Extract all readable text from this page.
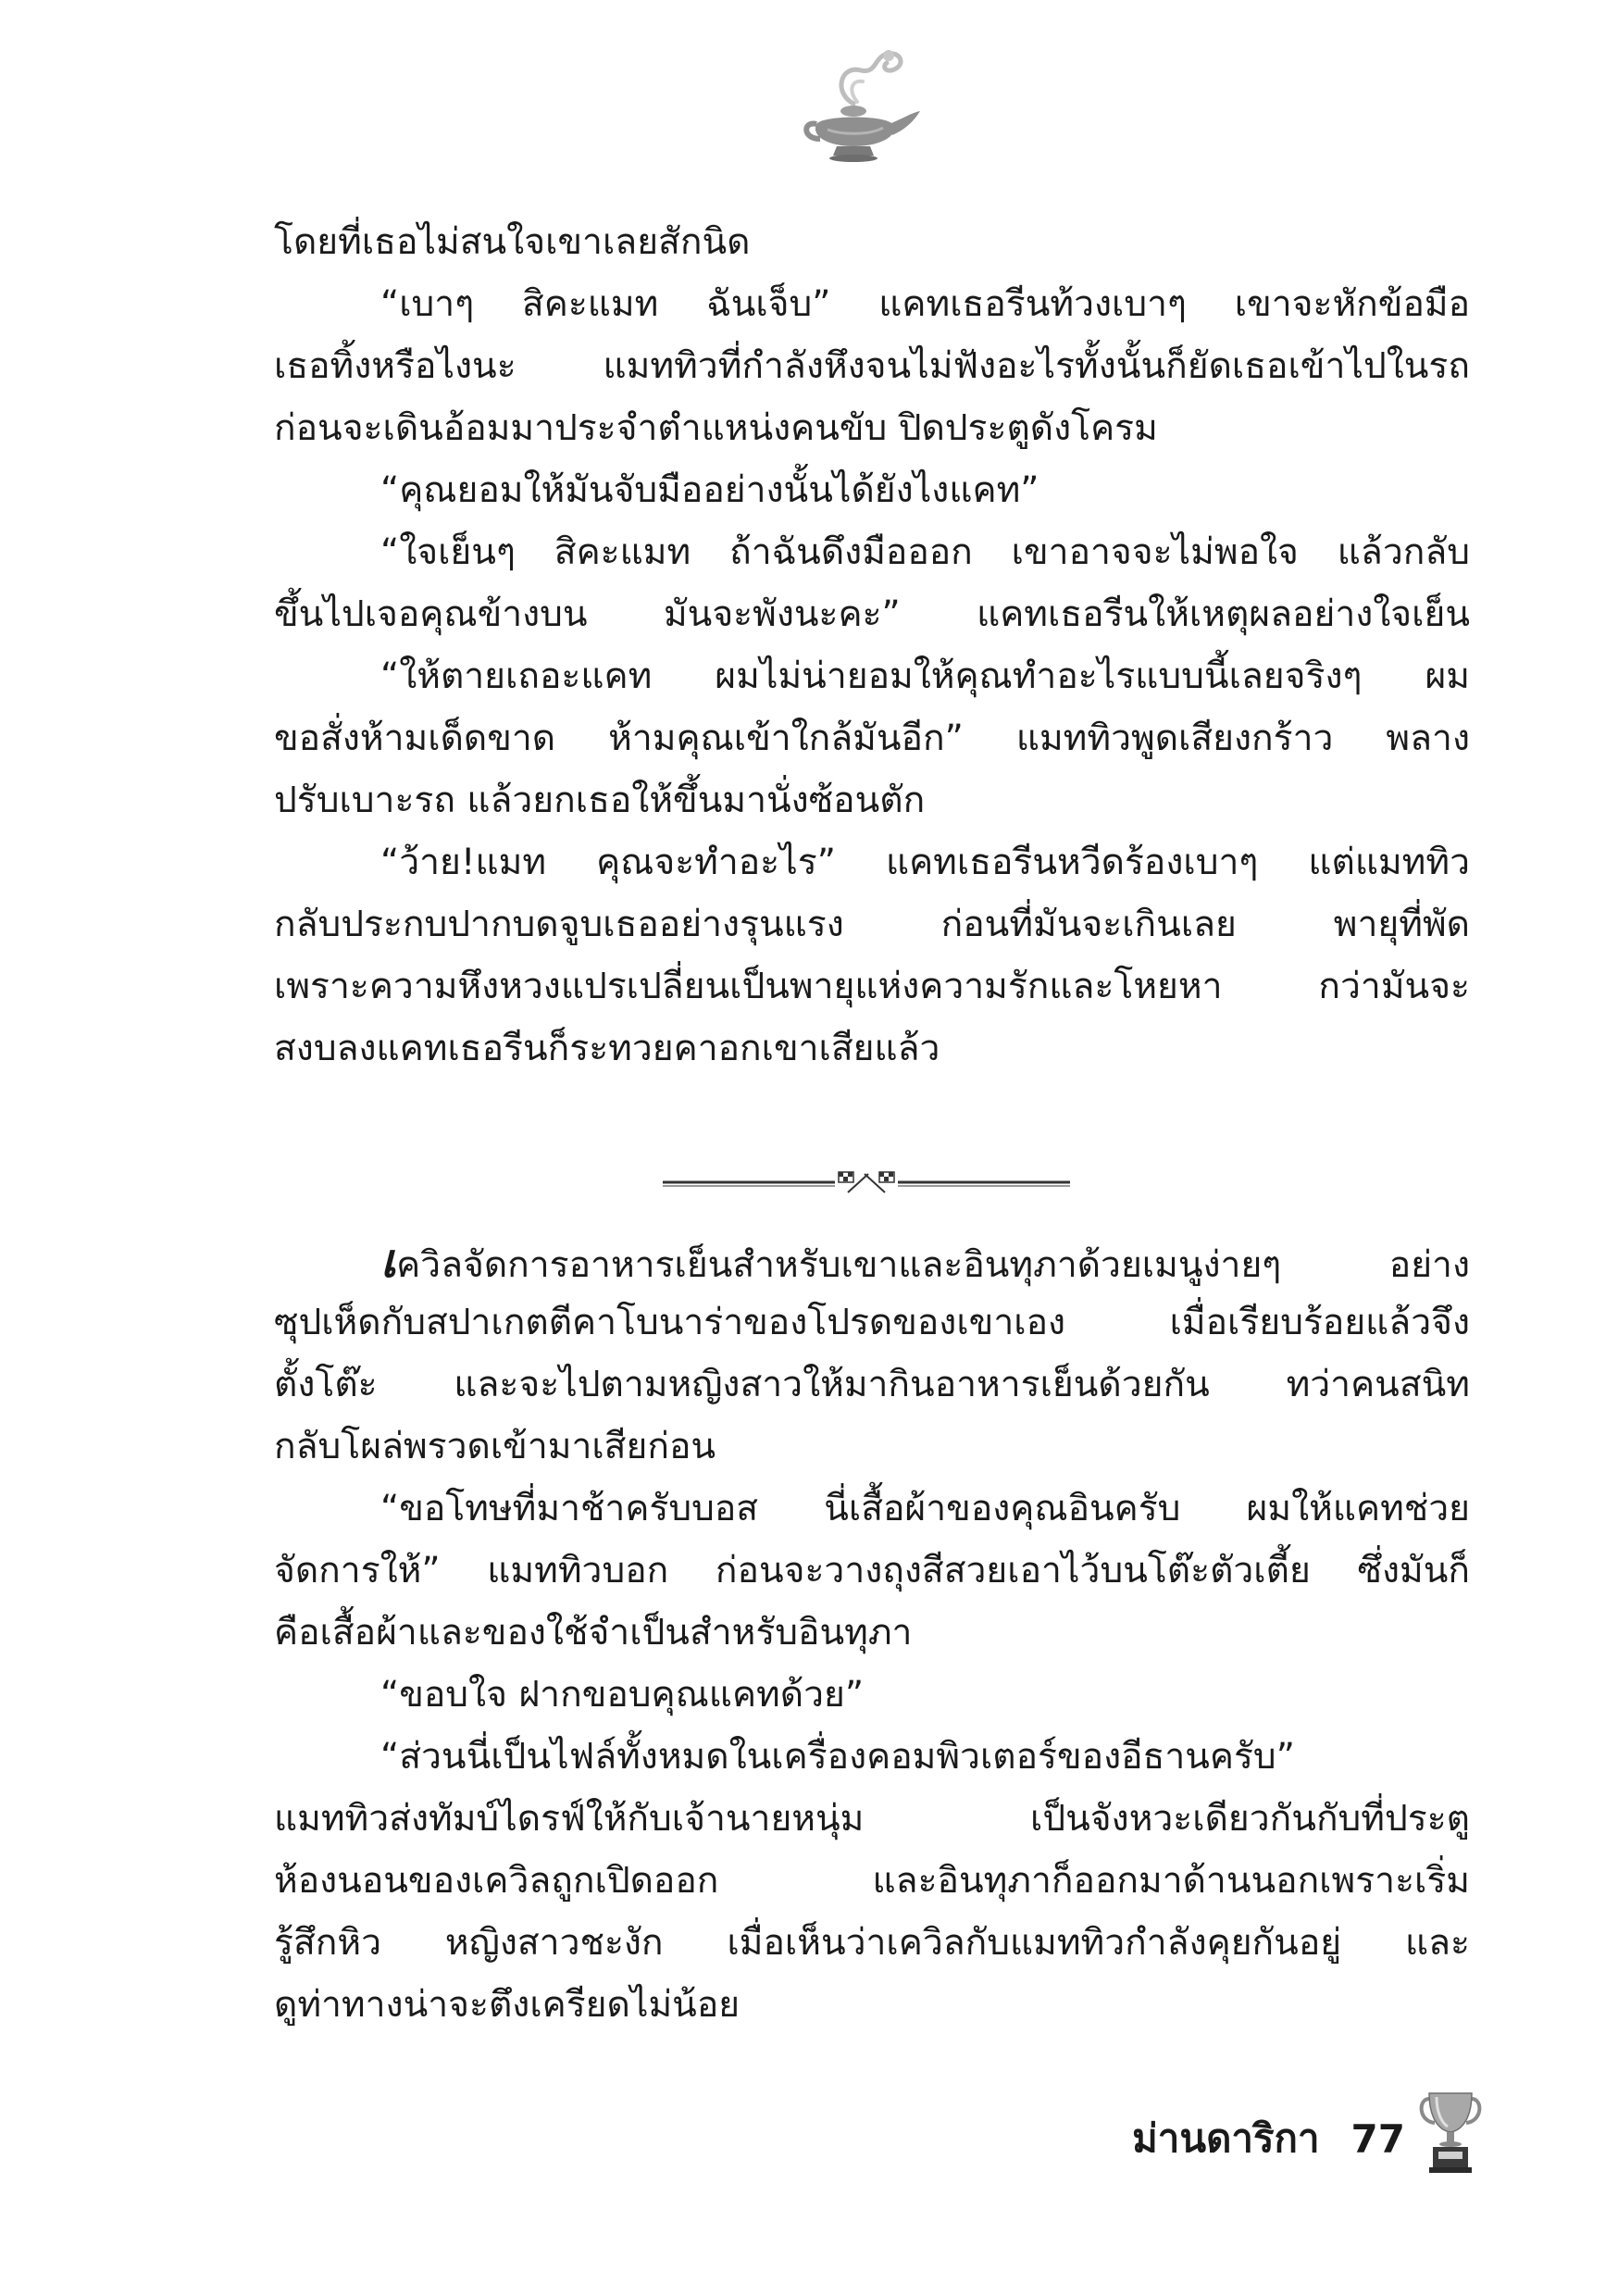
โดยที่เธอไม่สนใจเขาเลยสักนิด
“เบาๆ สิคะแมท ฉันเจ็บ” แคทเธอรีนท้วงเบาๆ เขาจะหักข้อมือ
เธอทิ้งหรือไงนะ แมททิวที่กำลังหึงจนไม่ฟังอะไรทั้งนั้นก็ยัดเธอเข้าไปในรถ
ก่อนจะเดินอ้อมมาประจำตำแหน่งคนขับ ปิดประตูดังโครม
“คุณยอมให้มันจับมืออย่างนั้นได้ยังไงแคท”
“ใจเย็นๆ สิคะแมท ถ้าฉันดึงมือออก เขาอาจจะไม่พอใจ แล้วกลับ
ขึ้นไปเจอคุณข้างบน มันจะพังนะคะ” แคทเธอรีนให้เหตุผลอย่างใจเย็น
“ให้ตายเถอะแคท ผมไม่น่ายอมให้คุณทำอะไรแบบนี้เลยจริงๆ ผม
ขอสั่งห้ามเด็ดขาด ห้ามคุณเข้าใกล้มันอีก” แมททิวพูดเสียงกร้าว พลาง
ปรับเบาะรถ แล้วยกเธอให้ขึ้นมานั่งซ้อนตัก
“ว้าย!แมท คุณจะทำอะไร” แคทเธอรีนหวีดร้องเบาๆ แต่แมททิว
กลับประกบปากบดจูบเธออย่างรุนแรง ก่อนที่มันจะเกินเลย พายุที่พัด
เพราะความหึงหวงแปรเปลี่ยนเป็นพายุแห่งความรักและโหยหา กว่ามันจะ
สงบลงแคทเธอรีนก็ระทวยคาอกเขาเสียแล้ว
เควิลจัดการอาหารเย็นสำหรับเขาและอินทุภาด้วยเมนูง่ายๆ อย่าง
ซุปเห็ดกับสปาเกตตีคาโบนาร่าของโปรดของเขาเอง เมื่อเรียบร้อยแล้วจึง
ตั้งโต๊ะ และจะไปตามหญิงสาวให้มากินอาหารเย็นด้วยกัน ทว่าคนสนิท
กลับโผล่พรวดเข้ามาเสียก่อน
“ขอโทษที่มาช้าครับบอส นี่เสื้อผ้าของคุณอินครับ ผมให้แคทช่วย
จัดการให้” แมททิวบอก ก่อนจะวางถุงสีสวยเอาไว้บนโต๊ะตัวเตี้ย ซึ่งมันก็
คือเสื้อผ้าและของใช้จำเป็นสำหรับอินทุภา
“ขอบใจ ฝากขอบคุณแคทด้วย”
“ส่วนนี่เป็นไฟล์ทั้งหมดในเครื่องคอมพิวเตอร์ของอีธานครับ”
แมททิวส่งทัมบ์ไดรฟ์ให้กับเจ้านายหนุ่ม เป็นจังหวะเดียวกันกับที่ประตู
ห้องนอนของเควิลถูกเปิดออก และอินทุภาก็ออกมาด้านนอกเพราะเริ่ม
รู้สึกหิว หญิงสาวชะงัก เมื่อเห็นว่าเควิลกับแมททิวกำลังคุยกันอยู่ และ
ดูท่าทางน่าจะตึงเครียดไม่น้อย
ม่านดาริกา 77
